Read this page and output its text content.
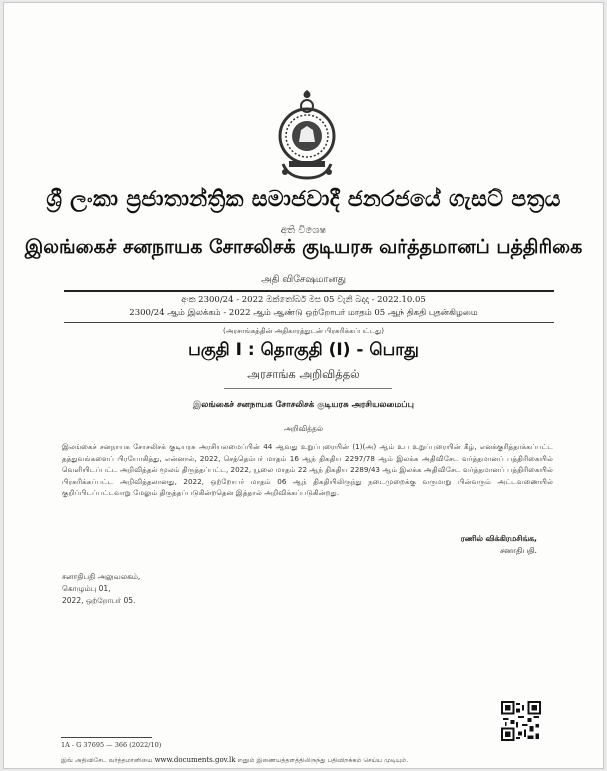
ශ්‍රී ලංකා ප්‍රජාතාන්ත්‍රික සමාජවාදී ජනරජයේ ගැසට් පත්‍රය
අති විශෙෂ
இலங்கைச் சனநாயக சோசலிசக் குடியரசு வர்த்தமானப் பத்திரிகை
அதி விசேஷமானது
අංක 2300/24 - 2022 ඔක්තෝබර් මස 05 වැනි බදාදා - 2022.10.05
2300/24 ஆம் இலக்கம் - 2022 ஆம் ஆண்டு ஒற்றோபர் மாதம் 05 ஆந் திகதி புதன்கிழமை
(அரசாங்கத்தின் அதிகாரத்துடன் பிரசுரிக்கப்பட்டது)
பகுதி I : தொகுதி (I) - பொது
அரசாங்க அறிவித்தல்
இலங்கைச் சனநாயக சோசலிசக் குடியரசு அரசியலமைப்பு
அறிவித்தல்
இலங்கைச் சனநாயக சோசலிசக் குடியரசு அரசியலமைப்பின் 44 ஆவது உறுப்புரையின் (1)(அ) ஆம் உப உறுப்புரையின் கீழ், எனக்குரித்தாக்கப்பட்ட தத்துவங்களைப் பிரயோகித்து, என்னால், 2022, செத்தெம்பர் மாதம் 16 ஆந் திகதிய 2297/78 ஆம் இலக்க அதிவிசேட வர்த்தமானப் பத்திரிகையில் வெளியிடப்பட்ட அறிவித்தல் மூலம் திருத்தப்பட்ட, 2022, யூலை மாதம் 22 ஆந் திகதிய 2289/43 ஆம் இலக்க அதிவிசேட வர்த்தமானப் பத்திரிகையில் பிரசுரிக்கப்பட்ட அறிவித்தலானது, 2022, ஒற்றோபர் மாதம் 06 ஆந் திகதியிலிருந்து நடைமுறைக்கு வருமாறு பின்வரும் அட்டவணையில் குறிப்பிடப்பட்டவாறு மேலும் திருத்தப்படுகின்றதென இத்தால் அறிவிக்கப்படுகின்றது.
ரணில் விக்கிரமசிங்க,
சனாதிபதி.
சனாதிபதி அலுவலகம்,
கொழும்பு 01,
2022, ஒற்றோபர் 05.
1A - G 37695 — 366 (2022/10)
இவ் அதிவிசேட வர்த்தமானியை www.documents.gov.lk எனும் இணையத்தளத்திலிருந்து பதிவிறக்கம் செய்ய முடியும்.
